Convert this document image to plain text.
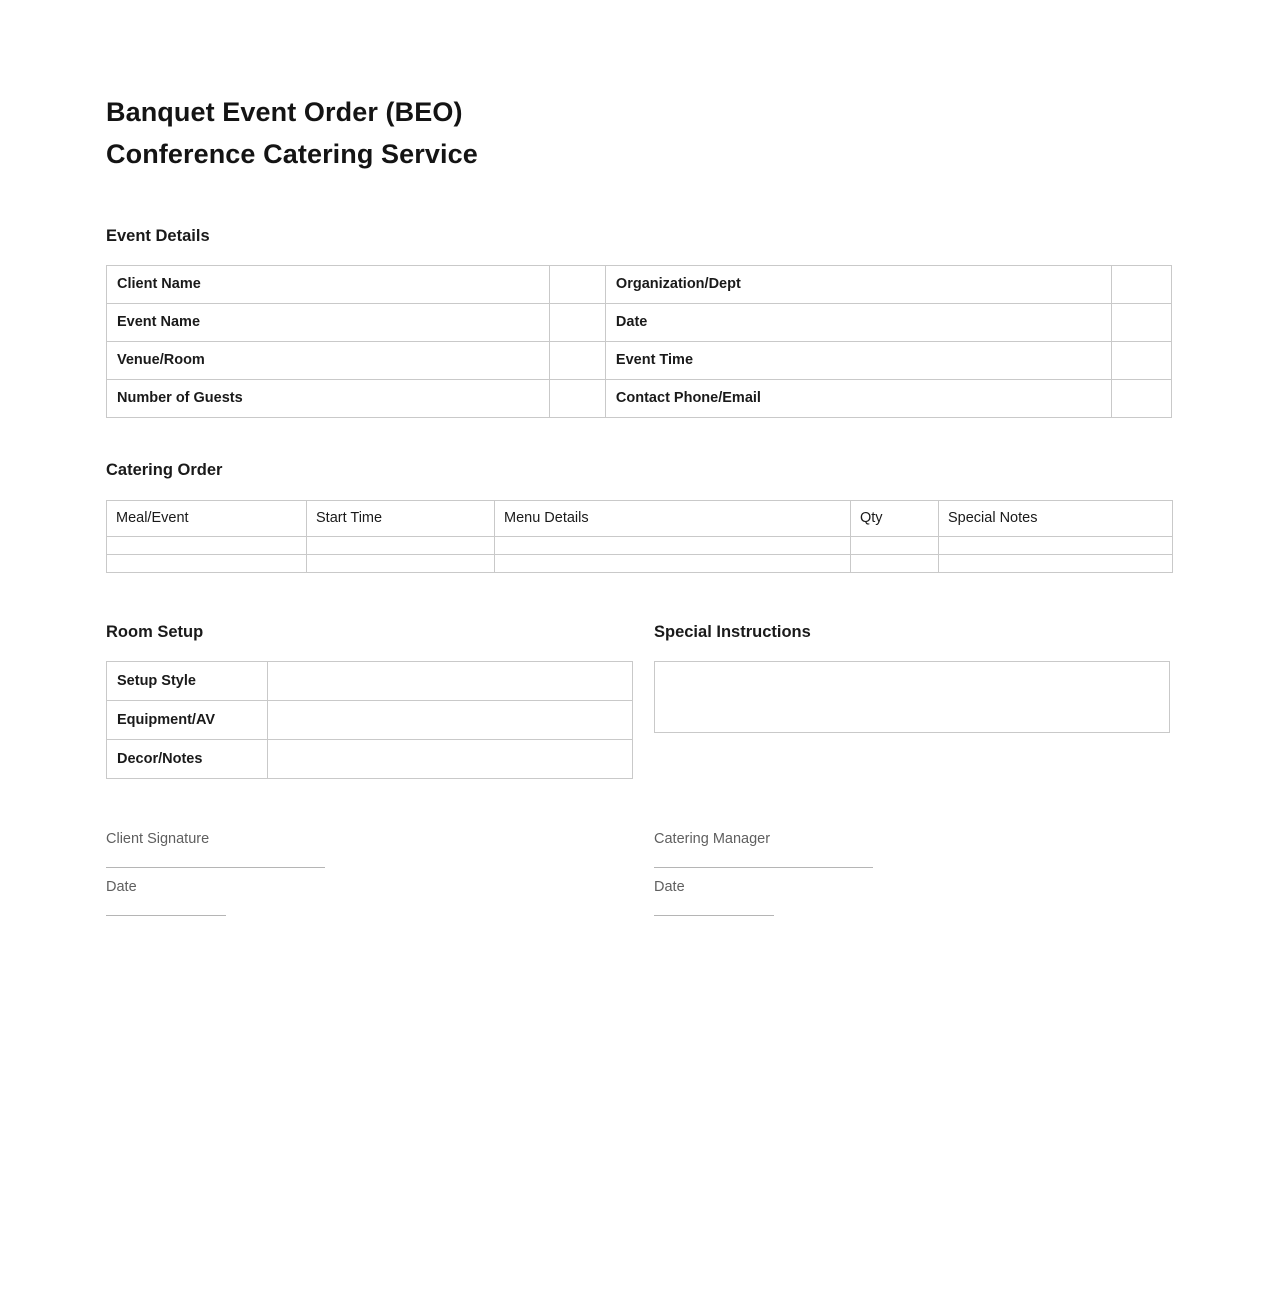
Banquet Event Order (BEO)
Conference Catering Service
Event Details
Client Name		Organization/Dept	
Event Name		Date	
Venue/Room		Event Time	
Number of Guests		Contact Phone/Email	
Catering Order
Meal/Event	Start Time	Menu Details	Qty	Special Notes

Room Setup
Setup Style	
Equipment/AV	
Decor/Notes	
Special Instructions
Client Signature
Date
Catering Manager
Date
